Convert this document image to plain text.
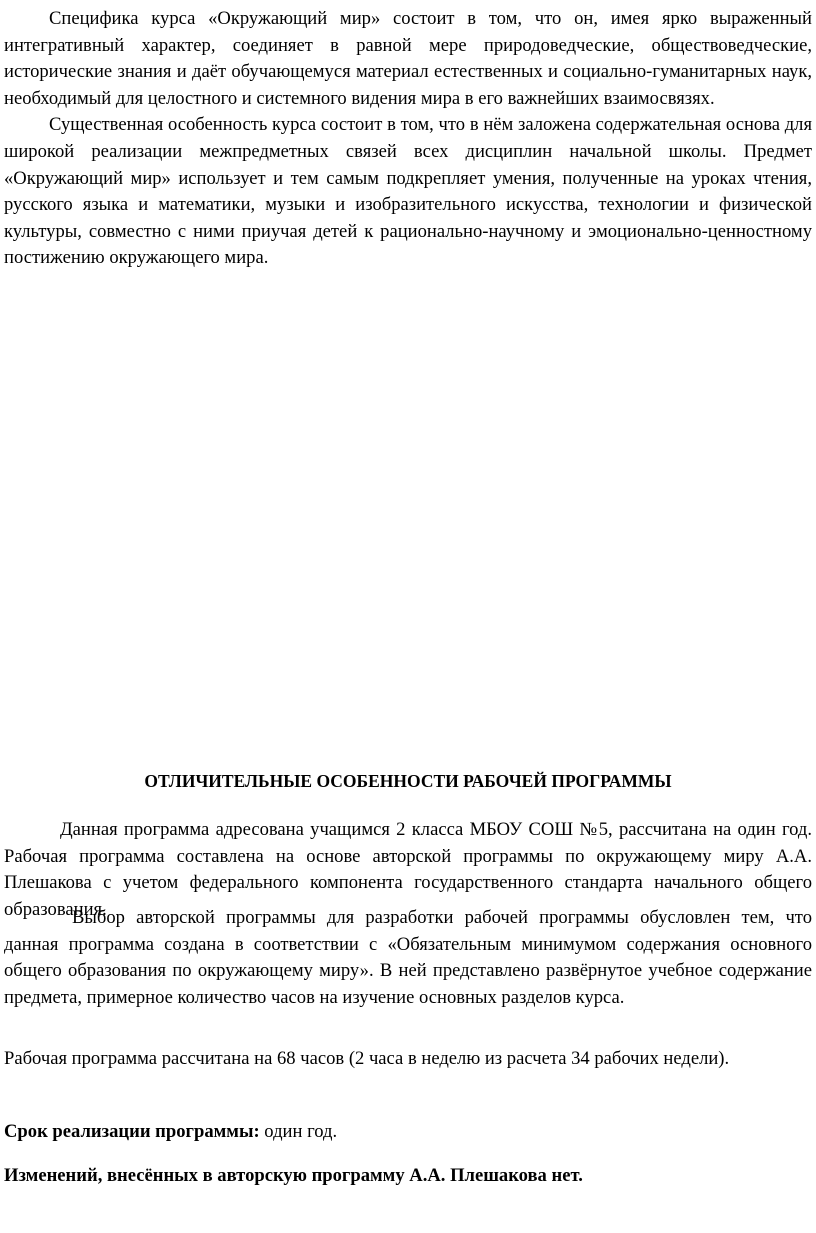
Специфика курса «Окружающий мир» состоит в том, что он, имея ярко выраженный интегративный характер, соединяет в равной мере природоведческие, обществоведческие, исторические знания и даёт обучающемуся материал естественных и социально-гуманитарных наук, необходимый для целостного и системного видения мира в его важнейших взаимосвязях.

Существенная особенность курса состоит в том, что в нём заложена содержательная основа для широкой реализации межпредметных связей всех дисциплин начальной школы. Предмет «Окружающий мир» использует и тем самым подкрепляет умения, полученные на уроках чтения, русского языка и математики, музыки и изобразительного искусства, технологии и физической культуры, совместно с ними приучая детей к рационально-научному и эмоционально-ценностному постижению окружающего мира.

ОТЛИЧИТЕЛЬНЫЕ ОСОБЕННОСТИ РАБОЧЕЙ ПРОГРАММЫ

Данная программа адресована учащимся 2 класса МБОУ СОШ №5, рассчитана на один год. Рабочая программа составлена на основе авторской программы по окружающему миру А.А. Плешакова с учетом федерального компонента государственного стандарта начального общего образования.

Выбор авторской программы для разработки рабочей программы обусловлен тем, что данная программа создана в соответствии с «Обязательным минимумом содержания основного общего образования по окружающему миру». В ней представлено развёрнутое учебное содержание предмета, примерное количество часов на изучение основных разделов курса.

Рабочая программа рассчитана на 68 часов (2 часа в неделю из расчета 34 рабочих недели).

Срок реализации программы: один год.

Изменений, внесённых в авторскую программу А.А. Плешакова нет.
